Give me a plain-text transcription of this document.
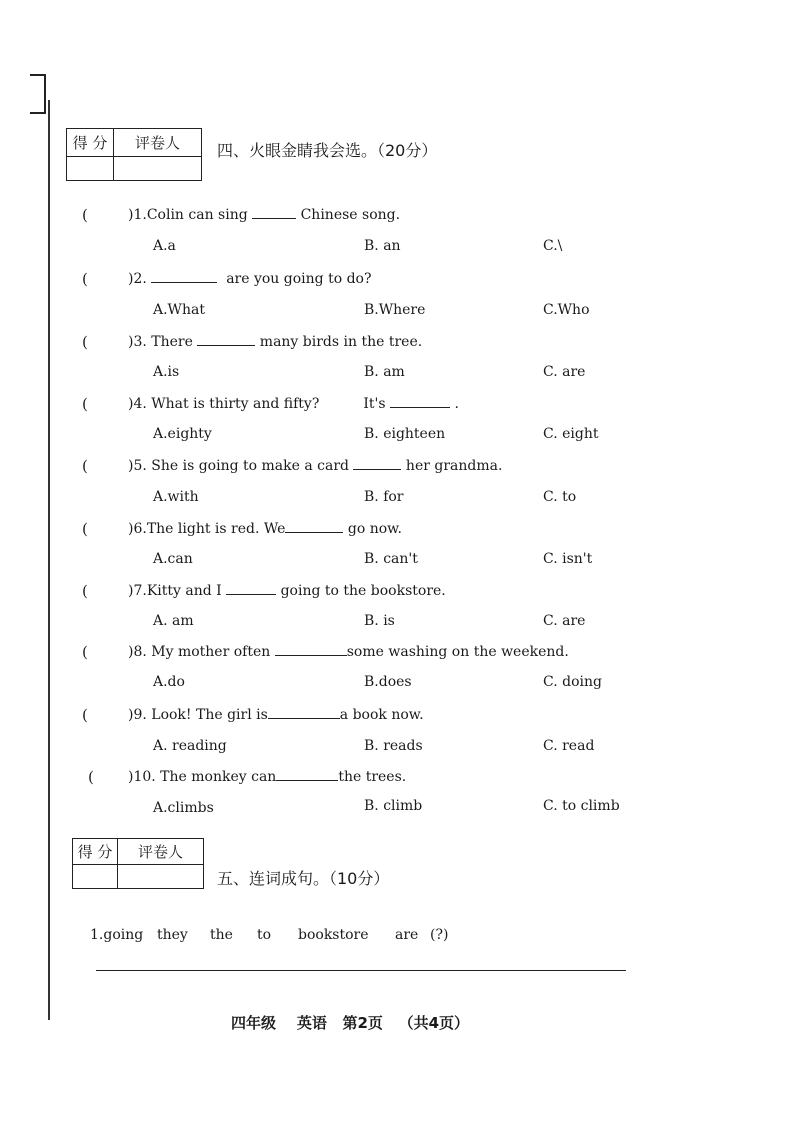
得 分	评卷人
	四、火眼金睛我会选。（20分）
(	)1.Colin can sing	Chinese song.
A.a	B. an	C.\
(	)2.	are you going to do?
A.What	B.Where	C.Who
(	)3. There	many birds in the tree.
A.is	B. am	C. are
(	)4. What is thirty and fifty?	It's	.
A.eighty	B. eighteen	C. eight
(	)5. She is going to make a card	her grandma.
A.with	B. for	C. to
(	)6.The light is red. We	go now.
A.can	B. can't	C. isn't
(	)7.Kitty and I	going to the bookstore.
A. am	B. is	C. are
(	)8. My mother often	some washing on the weekend.
A.do	B.does	C. doing
(	)9. Look! The girl is	a book now.
A. reading	B. reads	C. read
( )10. The monkey can	the trees.
A.climbs	B. climb	C. to climb
得 分	评卷人

五、连词成句。（10分）
1.going they the to bookstore are (?)
四年级    英语   第2页   （共4页）
